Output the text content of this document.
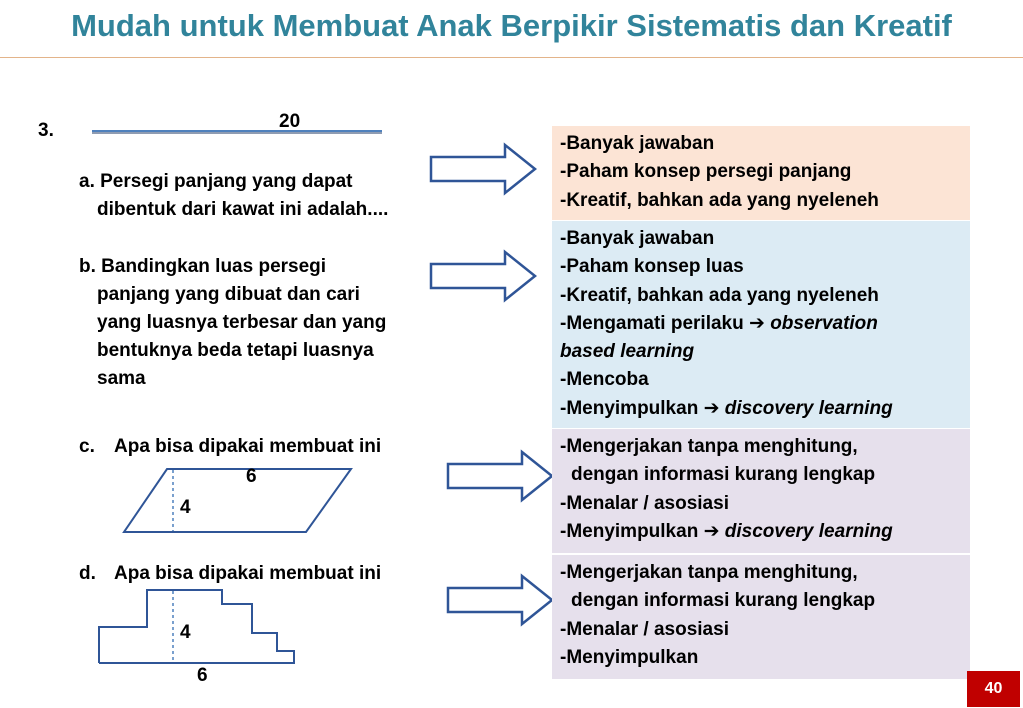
Mudah untuk Membuat Anak Berpikir Sistematis dan Kreatif
3.	20
a. Persegi panjang yang dapat
dibentuk dari kawat ini adalah....
b. Bandingkan luas persegi
panjang yang dibuat dan cari
yang luasnya terbesar dan yang
bentuknya beda tetapi luasnya
sama
c. Apa bisa dipakai membuat ini
6
4
d. Apa bisa dipakai membuat ini
4
6
-Banyak jawaban
-Paham konsep persegi panjang
-Kreatif, bahkan ada yang nyeleneh
-Banyak jawaban
-Paham konsep luas
-Kreatif, bahkan ada yang nyeleneh
-Mengamati perilaku ➔ observation
based learning
-Mencoba
-Menyimpulkan ➔ discovery learning
-Mengerjakan tanpa menghitung,
dengan informasi kurang lengkap
-Menalar / asosiasi
-Menyimpulkan ➔ discovery learning
-Mengerjakan tanpa menghitung,
dengan informasi kurang lengkap
-Menalar / asosiasi
-Menyimpulkan
40
